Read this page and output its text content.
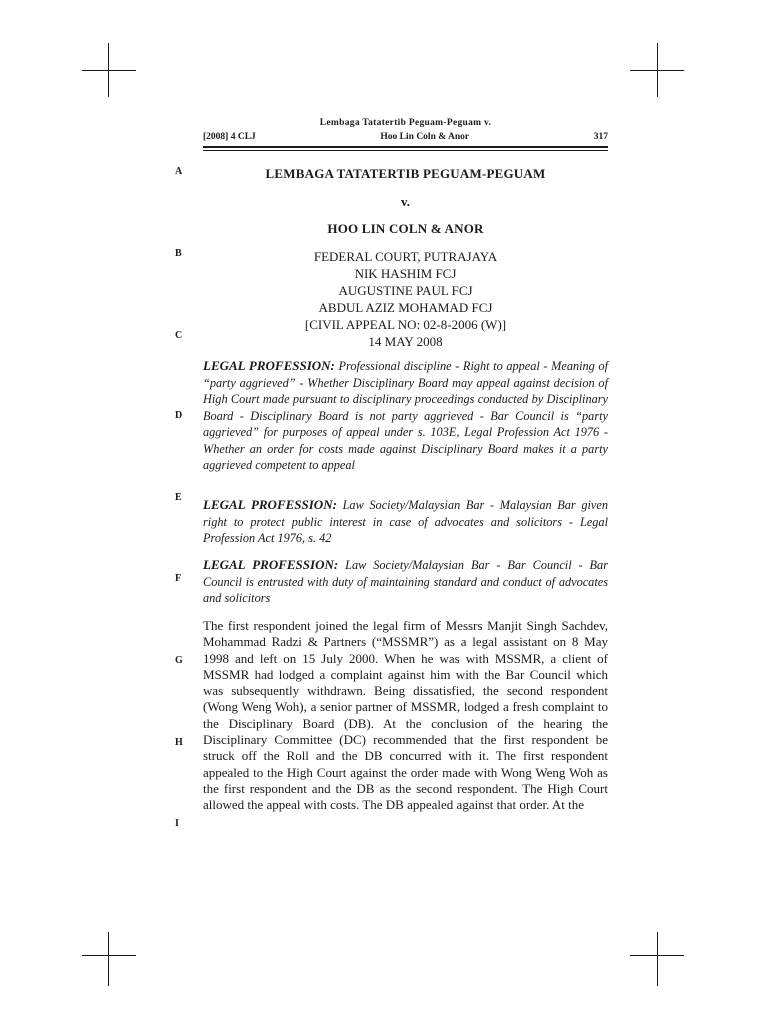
Lembaga Tatatertib Peguam-Peguam v.
[2008] 4 CLJ	Hoo Lin Coln & Anor	317
A
B
C
D
E
F
G
H
I
LEMBAGA TATATERTIB PEGUAM-PEGUAM
v.
HOO LIN COLN & ANOR
FEDERAL COURT, PUTRAJAYA
NIK HASHIM FCJ
AUGUSTINE PAUL FCJ
ABDUL AZIZ MOHAMAD FCJ
[CIVIL APPEAL NO: 02-8-2006 (W)]
14 MAY 2008
LEGAL PROFESSION: Professional discipline - Right to appeal - Meaning of “party aggrieved” - Whether Disciplinary Board may appeal against decision of High Court made pursuant to disciplinary proceedings conducted by Disciplinary Board - Disciplinary Board is not party aggrieved - Bar Council is “party aggrieved” for purposes of appeal under s. 103E, Legal Profession Act 1976 - Whether an order for costs made against Disciplinary Board makes it a party aggrieved competent to appeal
LEGAL PROFESSION: Law Society/Malaysian Bar - Malaysian Bar given right to protect public interest in case of advocates and solicitors - Legal Profession Act 1976, s. 42
LEGAL PROFESSION: Law Society/Malaysian Bar - Bar Council - Bar Council is entrusted with duty of maintaining standard and conduct of advocates and solicitors
The first respondent joined the legal firm of Messrs Manjit Singh Sachdev, Mohammad Radzi & Partners (“MSSMR”) as a legal assistant on 8 May 1998 and left on 15 July 2000. When he was with MSSMR, a client of MSSMR had lodged a complaint against him with the Bar Council which was subsequently withdrawn. Being dissatisfied, the second respondent (Wong Weng Woh), a senior partner of MSSMR, lodged a fresh complaint to the Disciplinary Board (DB). At the conclusion of the hearing the Disciplinary Committee (DC) recommended that the first respondent be struck off the Roll and the DB concurred with it. The first respondent appealed to the High Court against the order made with Wong Weng Woh as the first respondent and the DB as the second respondent. The High Court allowed the appeal with costs. The DB appealed against that order. At the
